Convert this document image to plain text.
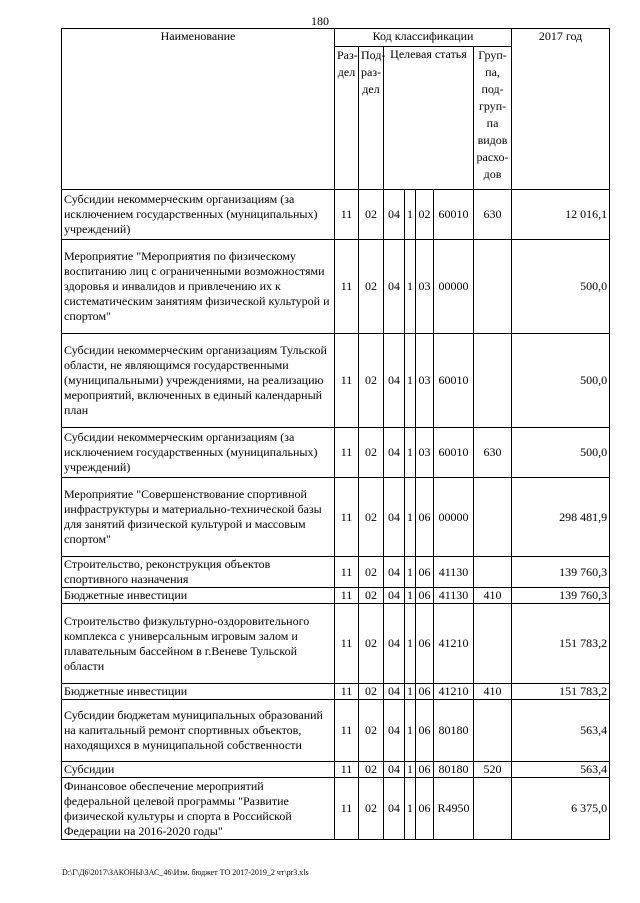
180
Наименование	Код классификации							2017 год
	Раз-дел	Под-раз-дел	Целевая статья				Груп-па, под-груп-па видов расхо-дов	
Субсидии некоммерческим организациям (за исключением государственных (муниципальных) учреждений)	11	02	04	1	02	60010	630	12 016,1
Мероприятие "Мероприятия по физическому воспитанию лиц с ограниченными возможностями здоровья и инвалидов и привлечению их к систематическим занятиям физической культурой и спортом"	11	02	04	1	03	00000		500,0
Субсидии некоммерческим организациям Тульской области, не являющимся государственными (муниципальными) учреждениями, на реализацию мероприятий, включенных в единый календарный план	11	02	04	1	03	60010		500,0
Субсидии некоммерческим организациям (за исключением государственных (муниципальных) учреждений)	11	02	04	1	03	60010	630	500,0
Мероприятие "Совершенствование спортивной инфраструктуры и материально-технической базы для занятий физической культурой и массовым спортом"	11	02	04	1	06	00000		298 481,9
Строительство, реконструкция объектов спортивного назначения	11	02	04	1	06	41130		139 760,3
Бюджетные инвестиции	11	02	04	1	06	41130	410	139 760,3
Строительство физкультурно-оздоровительного комплекса с универсальным игровым залом и плавательным бассейном в г.Веневе Тульской области	11	02	04	1	06	41210		151 783,2
Бюджетные инвестиции	11	02	04	1	06	41210	410	151 783,2
Субсидии бюджетам муниципальных образований на капитальный ремонт спортивных объектов, находящихся в муниципальной собственности	11	02	04	1	06	80180		563,4
Субсидии	11	02	04	1	06	80180	520	563,4
Финансовое обеспечение мероприятий федеральной целевой программы "Развитие физической культуры и спорта в Российской Федерации на 2016-2020 годы"	11	02	04	1	06	R4950		6 375,0
D:\Г\Д6\2017\ЗАКОНЫ\ЗАС_46\Изм. бюджет ТО 2017-2019_2 чт\pr3.xls
